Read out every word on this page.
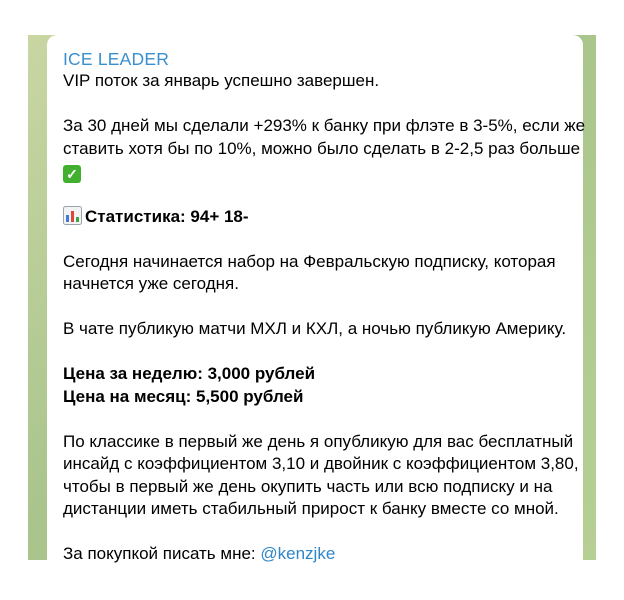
ICE LEADER
VIP поток за январь успешно завершен.
За 30 дней мы сделали +293% к банку при флэте в 3-5%, если же
ставить хотя бы по 10%, можно было сделать в 2-2,5 раз больше
✓
Статистика: 94+ 18-
Сегодня начинается набор на Февральскую подписку, которая
начнется уже сегодня.
В чате публикую матчи МХЛ и КХЛ, а ночью публикую Америку.
Цена за неделю: 3,000 рублей
Цена на месяц: 5,500 рублей
По классике в первый же день я опубликую для вас бесплатный
инсайд с коэффициентом 3,10 и двойник с коэффициентом 3,80,
чтобы в первый же день окупить часть или всю подписку и на
дистанции иметь стабильный прирост к банку вместе со мной.
За покупкой писать мне: @kenzjke
